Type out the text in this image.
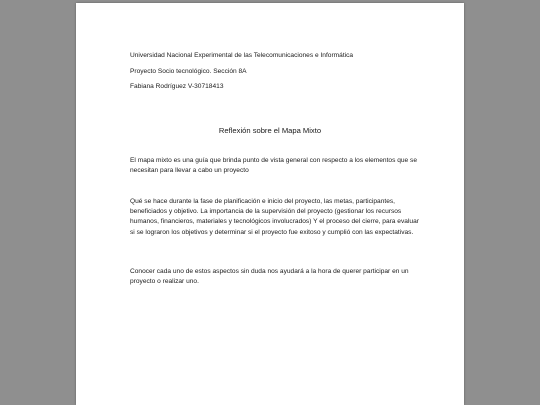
Universidad Nacional Experimental de las Telecomunicaciones e Informática
Proyecto Socio tecnológico. Sección 8A
Fabiana Rodríguez V-30718413
Reflexión sobre el Mapa Mixto
El mapa mixto es una guía que brinda punto de vista general con respecto a los elementos que se necesitan para llevar a cabo un proyecto
Qué se hace durante la fase de planificación e inicio del proyecto, las metas, participantes, beneficiados y objetivo. La importancia de la supervisión del proyecto (gestionar los recursos humanos, financieros, materiales y tecnológicos involucrados) Y el proceso del cierre, para evaluar si se lograron los objetivos y determinar si el proyecto fue exitoso y cumplió con las expectativas.
Conocer cada uno de estos aspectos sin duda nos ayudará a la hora de querer participar en un proyecto o realizar uno.
